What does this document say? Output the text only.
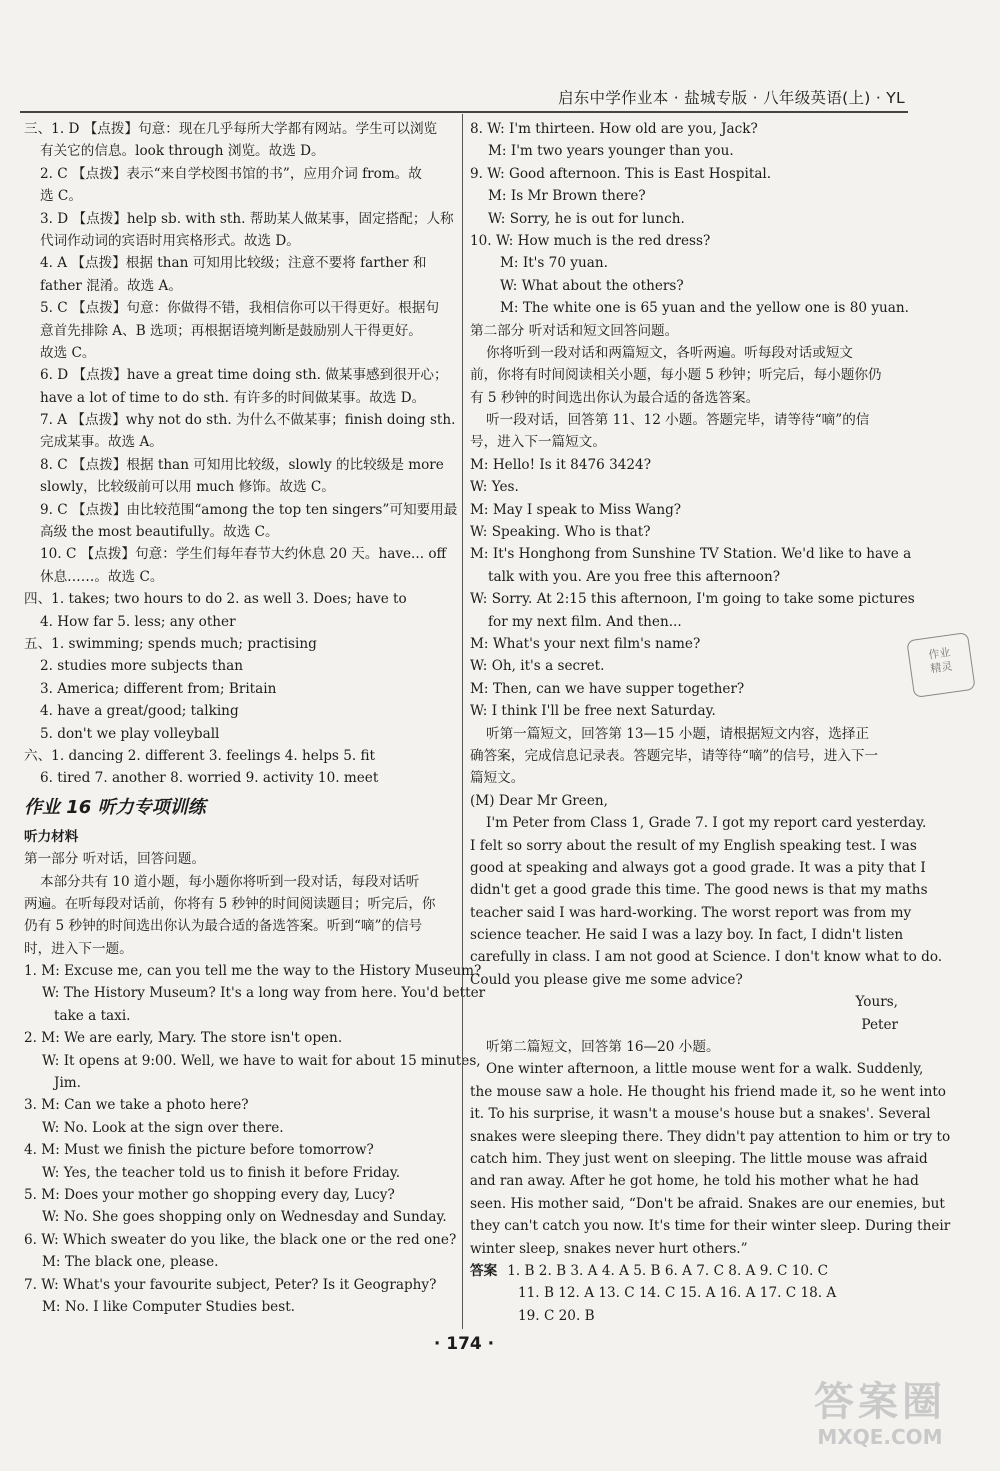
启东中学作业本 · 盐城专版 · 八年级英语(上) · YL
三、1. D 【点拨】句意：现在几乎每所大学都有网站。学生可以浏览
有关它的信息。look through 浏览。故选 D。
2. C 【点拨】表示“来自学校图书馆的书”，应用介词 from。故
选 C。
3. D 【点拨】help sb. with sth. 帮助某人做某事，固定搭配；人称
代词作动词的宾语时用宾格形式。故选 D。
4. A 【点拨】根据 than 可知用比较级；注意不要将 farther 和
father 混淆。故选 A。
5. C 【点拨】句意：你做得不错，我相信你可以干得更好。根据句
意首先排除 A、B 选项；再根据语境判断是鼓励别人干得更好。
故选 C。
6. D 【点拨】have a great time doing sth. 做某事感到很开心；
have a lot of time to do sth. 有许多的时间做某事。故选 D。
7. A 【点拨】why not do sth. 为什么不做某事；finish doing sth.
完成某事。故选 A。
8. C 【点拨】根据 than 可知用比较级，slowly 的比较级是 more
slowly，比较级前可以用 much 修饰。故选 C。
9. C 【点拨】由比较范围“among the top ten singers”可知要用最
高级 the most beautifully。故选 C。
10. C 【点拨】句意：学生们每年春节大约休息 20 天。have... off
休息……。故选 C。
四、1. takes; two hours to do 2. as well 3. Does; have to
4. How far 5. less; any other
五、1. swimming; spends much; practising
2. studies more subjects than
3. America; different from; Britain
4. have a great/good; talking
5. don't we play volleyball
六、1. dancing 2. different 3. feelings 4. helps 5. fit
6. tired 7. another 8. worried 9. activity 10. meet
作业 16 听力专项训练
听力材料
第一部分 听对话，回答问题。
本部分共有 10 道小题，每小题你将听到一段对话，每段对话听
两遍。在听每段对话前，你将有 5 秒钟的时间阅读题目；听完后，你
仍有 5 秒钟的时间选出你认为最合适的备选答案。听到“嘀”的信号
时，进入下一题。
1. M: Excuse me, can you tell me the way to the History Museum?
W: The History Museum? It's a long way from here. You'd better
take a taxi.
2. M: We are early, Mary. The store isn't open.
W: It opens at 9:00. Well, we have to wait for about 15 minutes,
Jim.
3. M: Can we take a photo here?
W: No. Look at the sign over there.
4. M: Must we finish the picture before tomorrow?
W: Yes, the teacher told us to finish it before Friday.
5. M: Does your mother go shopping every day, Lucy?
W: No. She goes shopping only on Wednesday and Sunday.
6. W: Which sweater do you like, the black one or the red one?
M: The black one, please.
7. W: What's your favourite subject, Peter? Is it Geography?
M: No. I like Computer Studies best.
8. W: I'm thirteen. How old are you, Jack?
M: I'm two years younger than you.
9. W: Good afternoon. This is East Hospital.
M: Is Mr Brown there?
W: Sorry, he is out for lunch.
10. W: How much is the red dress?
M: It's 70 yuan.
W: What about the others?
M: The white one is 65 yuan and the yellow one is 80 yuan.
第二部分 听对话和短文回答问题。
你将听到一段对话和两篇短文，各听两遍。听每段对话或短文
前，你将有时间阅读相关小题，每小题 5 秒钟；听完后，每小题你仍
有 5 秒钟的时间选出你认为最合适的备选答案。
听一段对话，回答第 11、12 小题。答题完毕，请等待“嘀”的信
号，进入下一篇短文。
M: Hello! Is it 8476 3424?
W: Yes.
M: May I speak to Miss Wang?
W: Speaking. Who is that?
M: It's Honghong from Sunshine TV Station. We'd like to have a
talk with you. Are you free this afternoon?
W: Sorry. At 2:15 this afternoon, I'm going to take some pictures
for my next film. And then...
M: What's your next film's name?
W: Oh, it's a secret.
M: Then, can we have supper together?
W: I think I'll be free next Saturday.
听第一篇短文，回答第 13—15 小题，请根据短文内容，选择正
确答案，完成信息记录表。答题完毕，请等待“嘀”的信号，进入下一
篇短文。
(M) Dear Mr Green,
I'm Peter from Class 1, Grade 7. I got my report card yesterday.
I felt so sorry about the result of my English speaking test. I was
good at speaking and always got a good grade. It was a pity that I
didn't get a good grade this time. The good news is that my maths
teacher said I was hard-working. The worst report was from my
science teacher. He said I was a lazy boy. In fact, I didn't listen
carefully in class. I am not good at Science. I don't know what to do.
Could you please give me some advice?
Yours,
Peter
听第二篇短文，回答第 16—20 小题。
One winter afternoon, a little mouse went for a walk. Suddenly,
the mouse saw a hole. He thought his friend made it, so he went into
it. To his surprise, it wasn't a mouse's house but a snakes'. Several
snakes were sleeping there. They didn't pay attention to him or try to
catch him. They just went on sleeping. The little mouse was afraid
and ran away. After he got home, he told his mother what he had
seen. His mother said, “Don't be afraid. Snakes are our enemies, but
they can't catch you now. It's time for their winter sleep. During their
winter sleep, snakes never hurt others.”
答案 1. B 2. B 3. A 4. A 5. B 6. A 7. C 8. A 9. C 10. C
11. B 12. A 13. C 14. C 15. A 16. A 17. C 18. A
19. C 20. B
作业
精灵
· 174 ·
答案圈
MXQE.COM
